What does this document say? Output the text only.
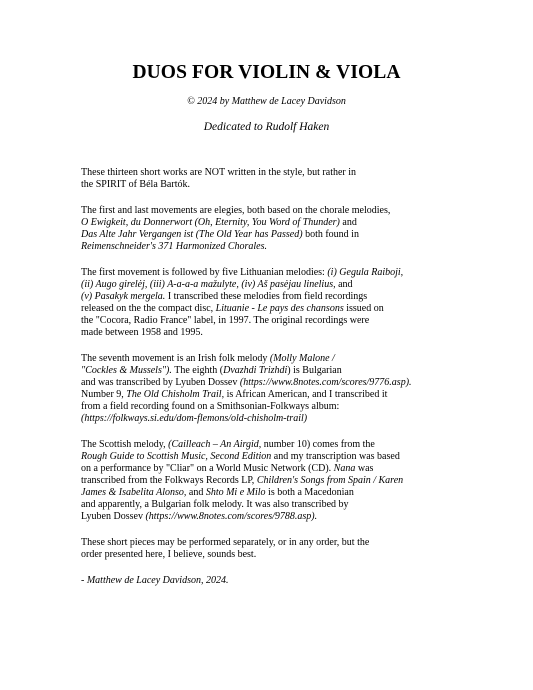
DUOS FOR VIOLIN & VIOLA
© 2024 by Matthew de Lacey Davidson
Dedicated to Rudolf Haken

These thirteen short works are NOT written in the style, but rather in
the SPIRIT of Béla Bartók.

The first and last movements are elegies, both based on the chorale melodies,
O Ewigkeit, du Donnerwort (Oh, Eternity, You Word of Thunder) and
Das Alte Jahr Vergangen ist (The Old Year has Passed) both found in
Reimenschneider's 371 Harmonized Chorales.

The first movement is followed by five Lithuanian melodies: (i) Gegula Raiboji,
(ii) Augo girelėj, (iii) A-a-a-a mažulyte, (iv) Aš pasėjau linelius, and
(v) Pasakyk mergela. I transcribed these melodies from field recordings
released on the the compact disc, Lituanie - Le pays des chansons issued on
the "Cocora, Radio France" label, in 1997. The original recordings were
made between 1958 and 1995.

The seventh movement is an Irish folk melody (Molly Malone /
"Cockles & Mussels"). The eighth (Dvazhdi Trizhdi) is Bulgarian
and was transcribed by Lyuben Dossev (https://www.8notes.com/scores/9776.asp).
Number 9, The Old Chisholm Trail, is African American, and I transcribed it
from a field recording found on a Smithsonian-Folkways album:
(https://folkways.si.edu/dom-flemons/old-chisholm-trail)

The Scottish melody, (Cailleach – An Airgid, number 10) comes from the
Rough Guide to Scottish Music, Second Edition and my transcription was based
on a performance by "Cliar" on a World Music Network (CD). Nana was
transcribed from the Folkways Records LP, Children's Songs from Spain / Karen
James & Isabelita Alonso, and Shto Mi e Milo is both a Macedonian
and apparently, a Bulgarian folk melody. It was also transcribed by
Lyuben Dossev (https://www.8notes.com/scores/9788.asp).

These short pieces may be performed separately, or in any order, but the
order presented here, I believe, sounds best.

- Matthew de Lacey Davidson, 2024.
